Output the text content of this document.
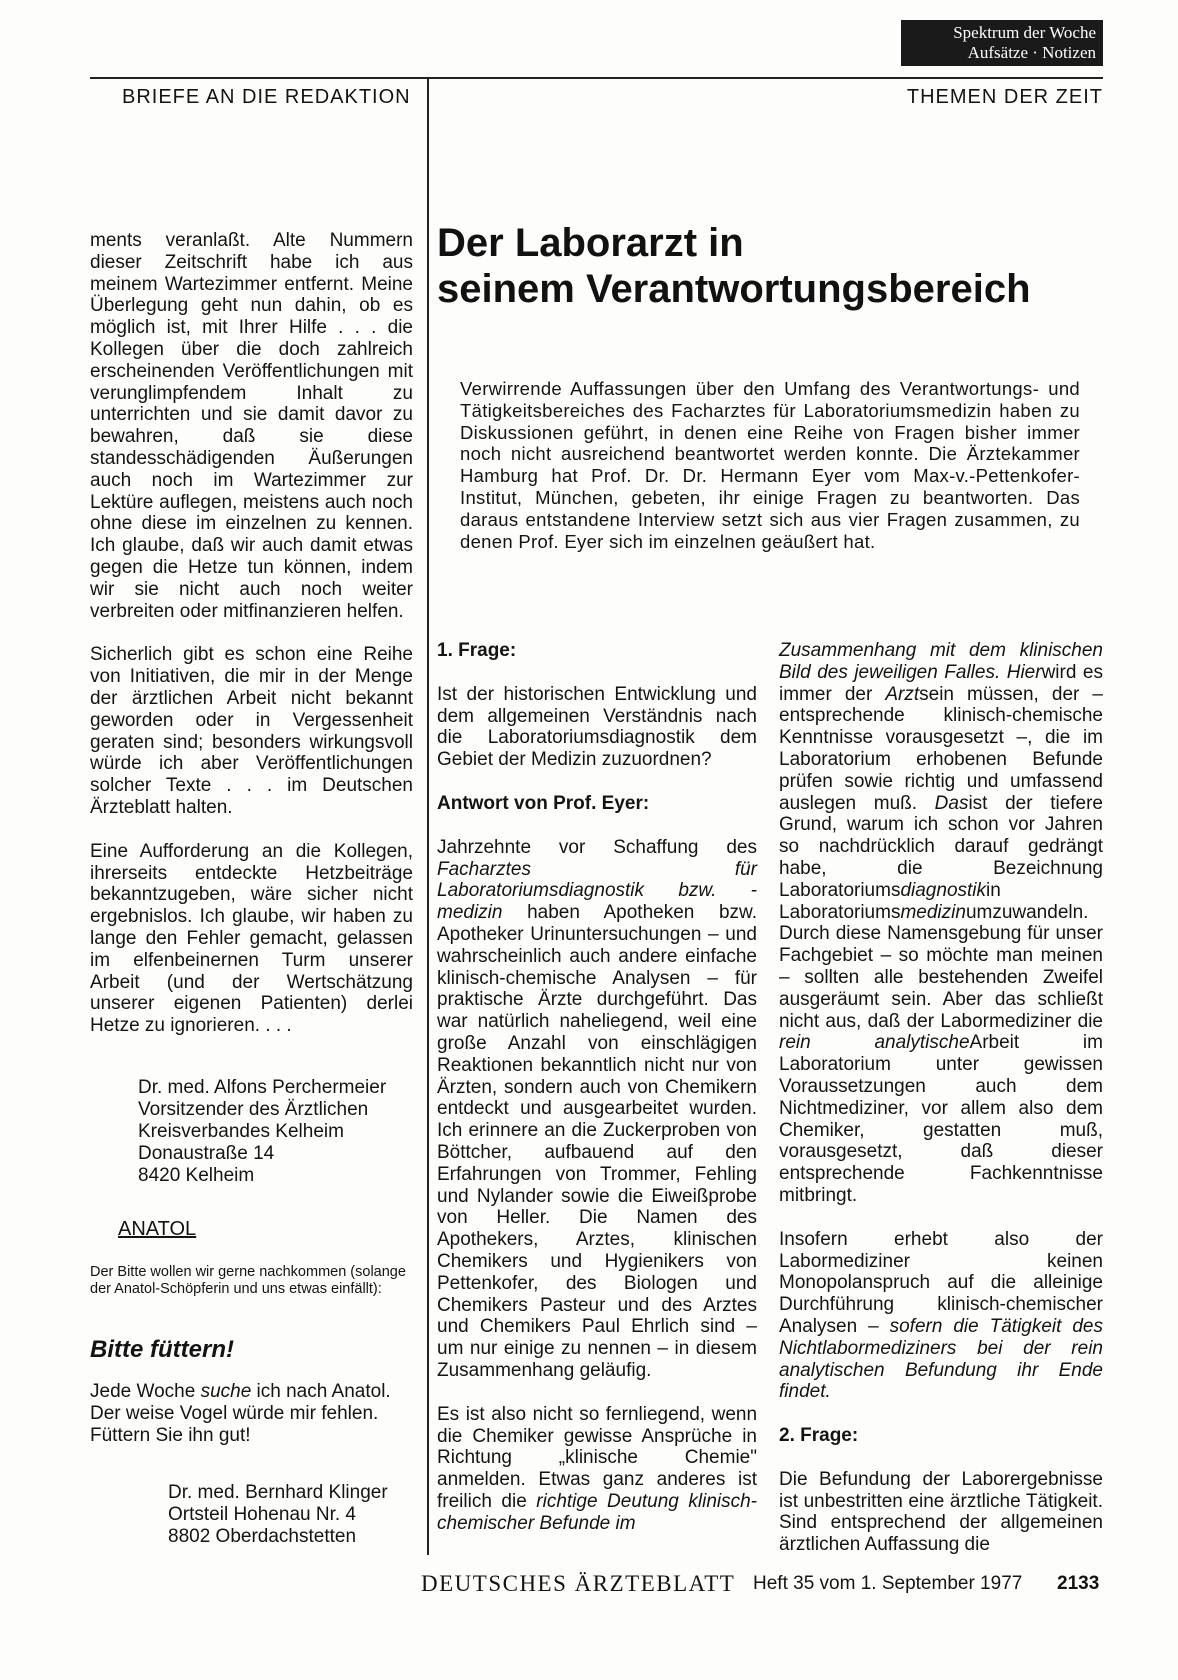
Spektrum der Woche
Aufsätze · Notizen
BRIEFE AN DIE REDAKTION	THEMEN DER ZEIT

ments veranlaßt. Alte Nummern dieser Zeitschrift habe ich aus meinem Wartezimmer entfernt. Meine Überlegung geht nun dahin, ob es möglich ist, mit Ihrer Hilfe . . . die Kollegen über die doch zahlreich erscheinenden Veröffentlichungen mit verunglimpfendem Inhalt zu unterrichten und sie damit davor zu bewahren, daß sie diese standesschädigenden Äußerungen auch noch im Wartezimmer zur Lektüre auflegen, meistens auch noch ohne diese im einzelnen zu kennen. Ich glaube, daß wir auch damit etwas gegen die Hetze tun können, indem wir sie nicht auch noch weiter verbreiten oder mitfinanzieren helfen.

Sicherlich gibt es schon eine Reihe von Initiativen, die mir in der Menge der ärztlichen Arbeit nicht bekannt geworden oder in Vergessenheit geraten sind; besonders wirkungsvoll würde ich aber Veröffentlichungen solcher Texte . . . im Deutschen Ärzteblatt halten.

Eine Aufforderung an die Kollegen, ihrerseits entdeckte Hetzbeiträge bekanntzugeben, wäre sicher nicht ergebnislos. Ich glaube, wir haben zu lange den Fehler gemacht, gelassen im elfenbeinernen Turm unserer Arbeit (und der Wertschätzung unserer eigenen Patienten) derlei Hetze zu ignorieren. . . .

Dr. med. Alfons Perchermeier
Vorsitzender des Ärztlichen
Kreisverbandes Kelheim
Donaustraße 14
8420 Kelheim
ANATOL
Der Bitte wollen wir gerne nachkommen (solange der Anatol-Schöpferin und uns etwas einfällt):
Bitte füttern!
Jede Woche suche ich nach Anatol. Der weise Vogel würde mir fehlen. Füttern Sie ihn gut!
Dr. med. Bernhard Klinger
Ortsteil Hohenau Nr. 4
8802 Oberdachstetten
Der Laborarzt in
seinem Verantwortungsbereich

Verwirrende Auffassungen über den Umfang des Verantwortungs- und Tätigkeitsbereiches des Facharztes für Laboratoriumsmedizin haben zu Diskussionen geführt, in denen eine Reihe von Fragen bisher immer noch nicht ausreichend beantwortet werden konnte. Die Ärztekammer Hamburg hat Prof. Dr. Dr. Hermann Eyer vom Max-v.-Pettenkofer-Institut, München, gebeten, ihr einige Fragen zu beantworten. Das daraus entstandene Interview setzt sich aus vier Fragen zusammen, zu denen Prof. Eyer sich im einzelnen geäußert hat.

1. Frage:

Ist der historischen Entwicklung und dem allgemeinen Verständnis nach die Laboratoriumsdiagnostik dem Gebiet der Medizin zuzuordnen?

Antwort von Prof. Eyer:

Jahrzehnte vor Schaffung des Facharztes für Laboratoriumsdiagnostik bzw. -medizin haben Apotheken bzw. Apotheker Urinuntersuchungen – und wahrscheinlich auch andere einfache klinisch-chemische Analysen – für praktische Ärzte durchgeführt. Das war natürlich naheliegend, weil eine große Anzahl von einschlägigen Reaktionen bekanntlich nicht nur von Ärzten, sondern auch von Chemikern entdeckt und ausgearbeitet wurden. Ich erinnere an die Zuckerproben von Böttcher, aufbauend auf den Erfahrungen von Trommer, Fehling und Nylander sowie die Eiweißprobe von Heller. Die Namen des Apothekers, Arztes, klinischen Chemikers und Hygienikers von Pettenkofer, des Biologen und Chemikers Pasteur und des Arztes und Chemikers Paul Ehrlich sind – um nur einige zu nennen – in diesem Zusammenhang geläufig.

Es ist also nicht so fernliegend, wenn die Chemiker gewisse Ansprüche in Richtung „klinische Chemie" anmelden. Etwas ganz anderes ist freilich die richtige Deutung klinisch-chemischer Befunde im

Zusammenhang mit dem klinischen Bild des jeweiligen Falles. Hierwird es immer der Arztsein müssen, der – entsprechende klinisch-chemische Kenntnisse vorausgesetzt –, die im Laboratorium erhobenen Befunde prüfen sowie richtig und umfassend auslegen muß. Dasist der tiefere Grund, warum ich schon vor Jahren so nachdrücklich darauf gedrängt habe, die Bezeichnung Laboratoriumsdiagnostikin Laboratoriumsmedizinumzuwandeln. Durch diese Namensgebung für unser Fachgebiet – so möchte man meinen – sollten alle bestehenden Zweifel ausgeräumt sein. Aber das schließt nicht aus, daß der Labormediziner die rein analytischeArbeit im Laboratorium unter gewissen Voraussetzungen auch dem Nichtmediziner, vor allem also dem Chemiker, gestatten muß, vorausgesetzt, daß dieser entsprechende Fachkenntnisse mitbringt.

Insofern erhebt also der Labormediziner keinen Monopolanspruch auf die alleinige Durchführung klinisch-chemischer Analysen – sofern die Tätigkeit des Nichtlabormediziners bei der rein analytischen Befundung ihr Ende findet.

2. Frage:

Die Befundung der Laborergebnisse ist unbestritten eine ärztliche Tätigkeit. Sind entsprechend der allgemeinen ärztlichen Auffassung die

DEUTSCHES ÄRZTEBLATT Heft 35 vom 1. September 1977 2133
